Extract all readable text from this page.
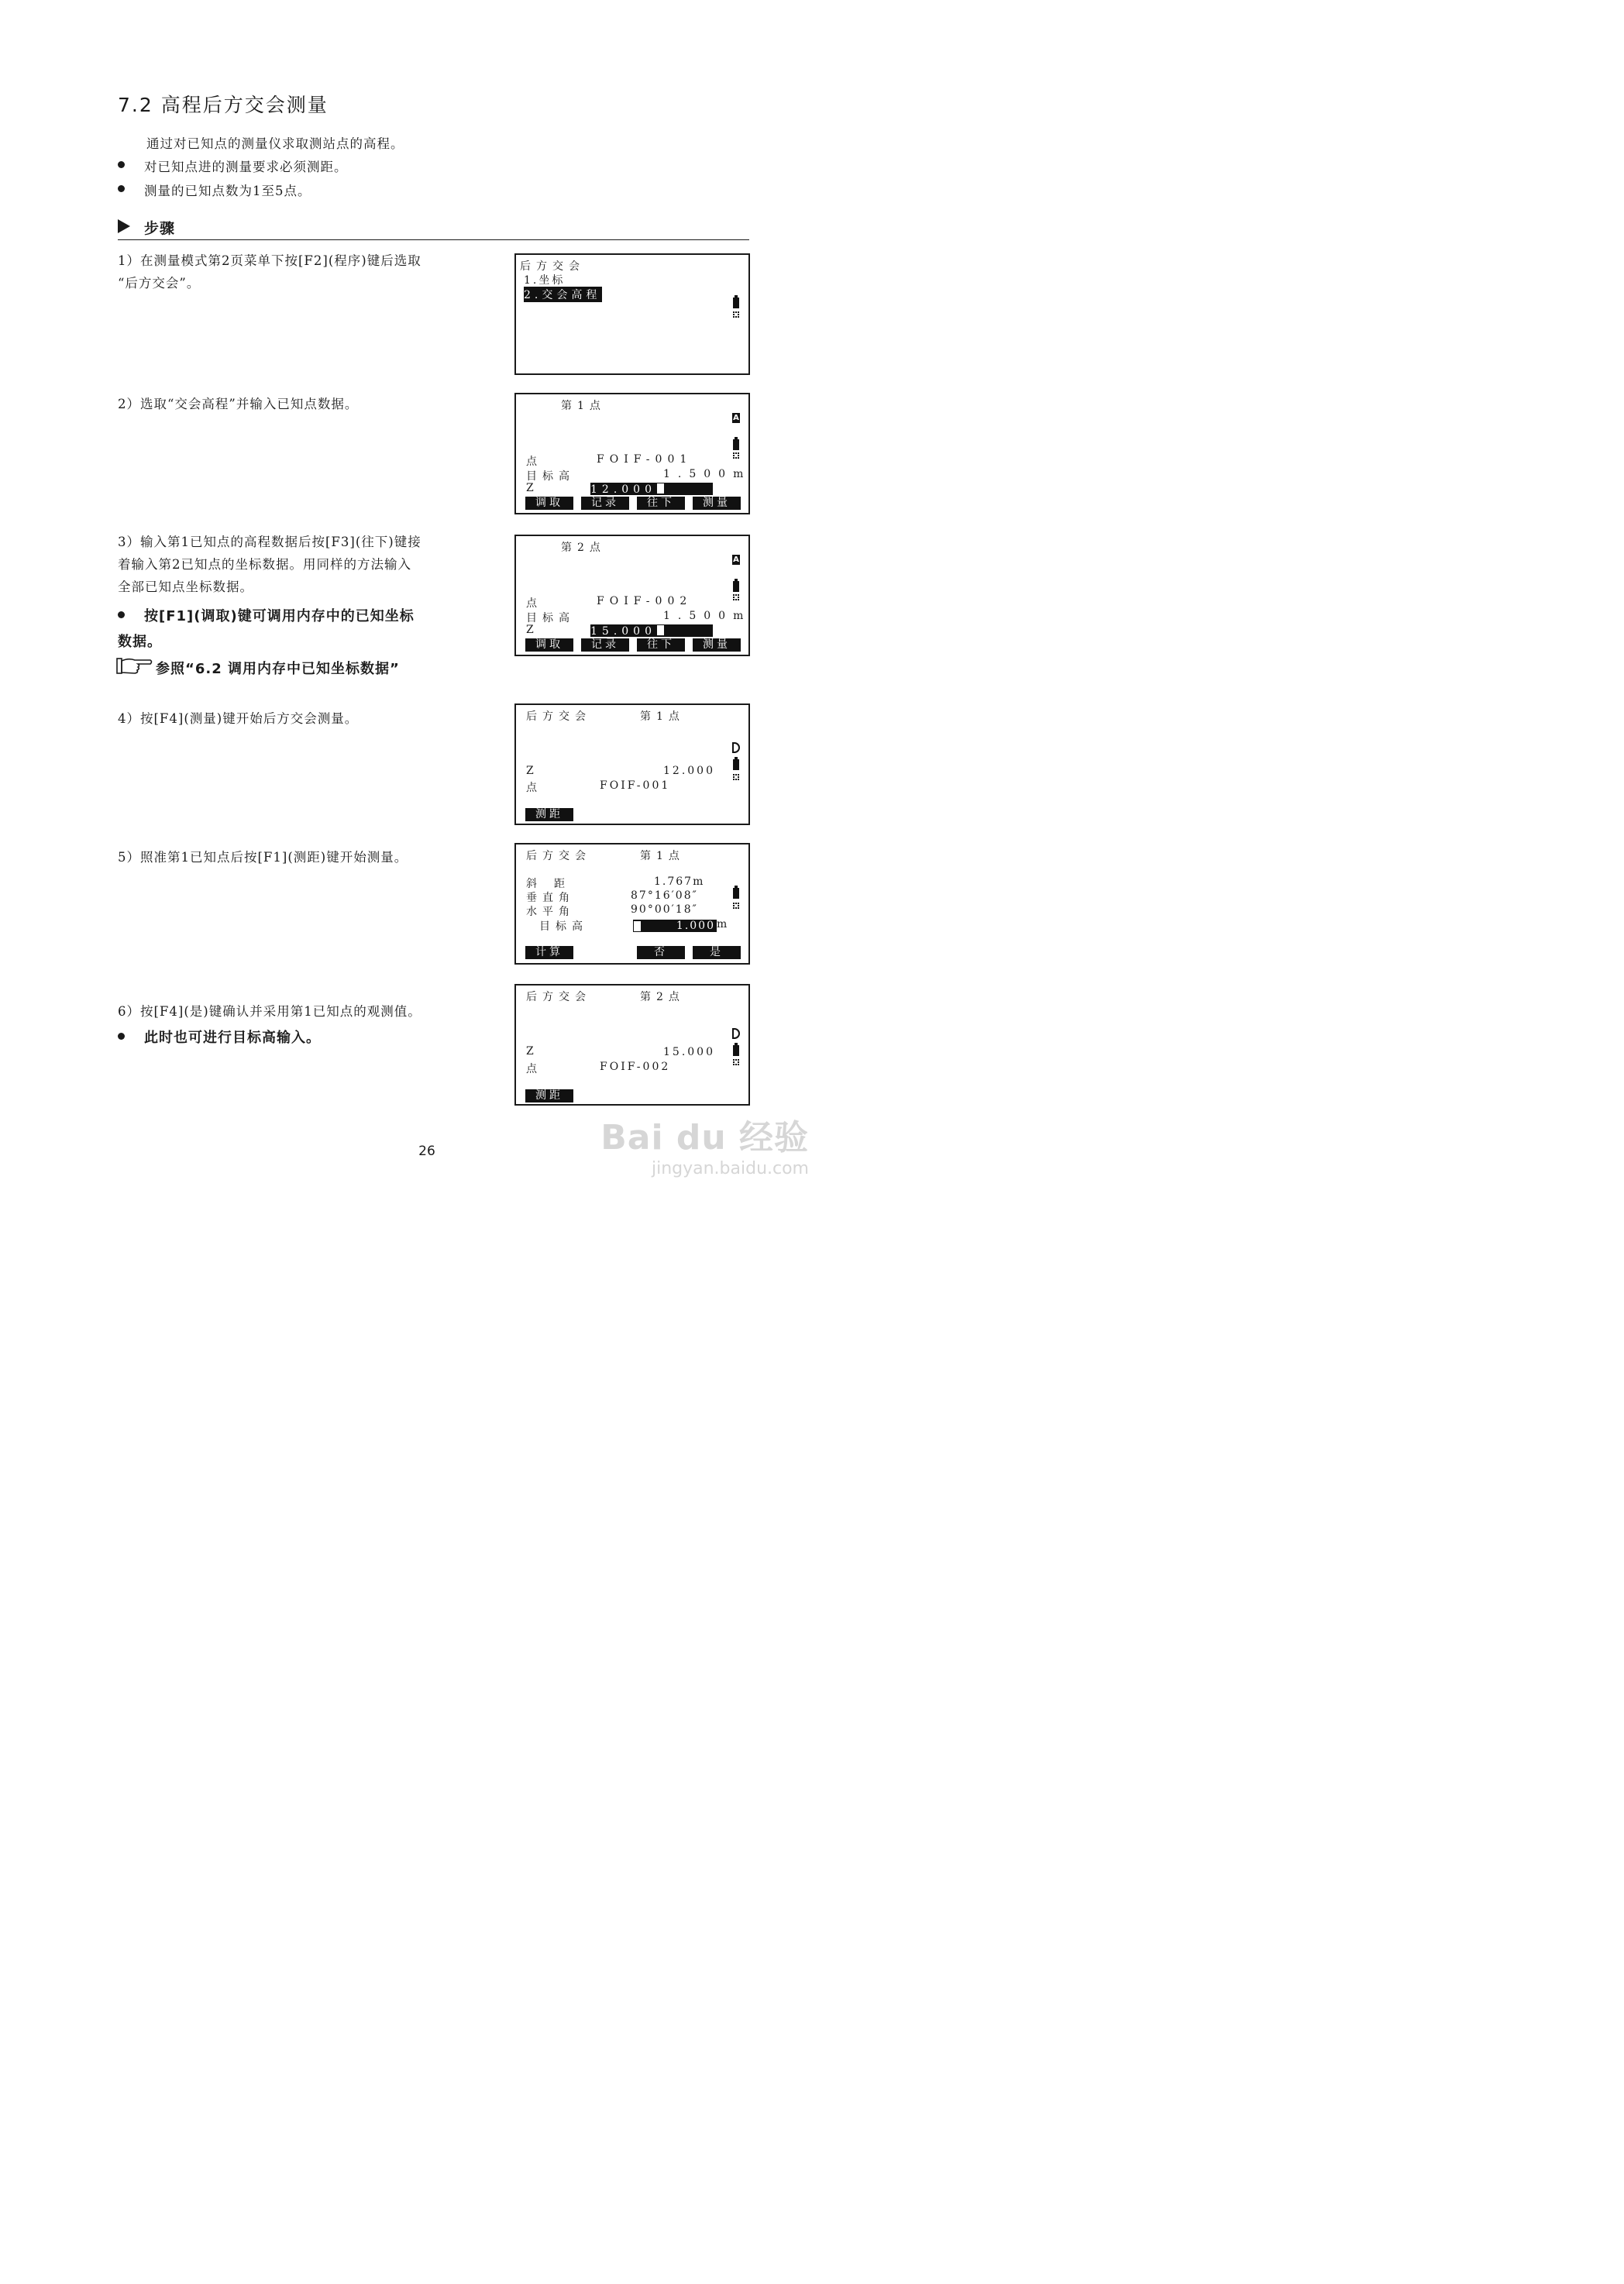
7.2 高程后方交会测量
通过对已知点的测量仪求取测站点的高程。
对已知点进的测量要求必须测距。
测量的已知点数为1至5点。
步骤
1）在测量模式第2页菜单下按[F2](程序)键后选取
“后方交会”。
2）选取“交会高程”并输入已知点数据。
3）输入第1已知点的高程数据后按[F3](往下)键接
着输入第2已知点的坐标数据。用同样的方法输入
全部已知点坐标数据。
按[F1](调取)键可调用内存中的已知坐标
数据。
参照“6.2 调用内存中已知坐标数据”
4）按[F4](测量)键开始后方交会测量。
5）照准第1已知点后按[F1](测距)键开始测量。
6）按[F4](是)键确认并采用第1已知点的观测值。
此时也可进行目标高输入。
后方交会
1.坐标
2.交会高程
第1点
A
点	FOIF-001
目标高	1.500m
Z	12.000
调取	记录	往下	测量
第2点
A
点	FOIF-002
目标高	1.500m
Z	15.000
调取	记录	往下	测量
后方交会	第1点
Z	12.000
点	FOIF-001
测距
后方交会	第1点
斜距	1.767m
垂直角	87°16′08″
水平角	90°00′18″
目标高	1.000 m
计算	否	是
后方交会	第2点
Z	15.000
点	FOIF-002
测距
26	Bai du 经验
jingyan.baidu.com
